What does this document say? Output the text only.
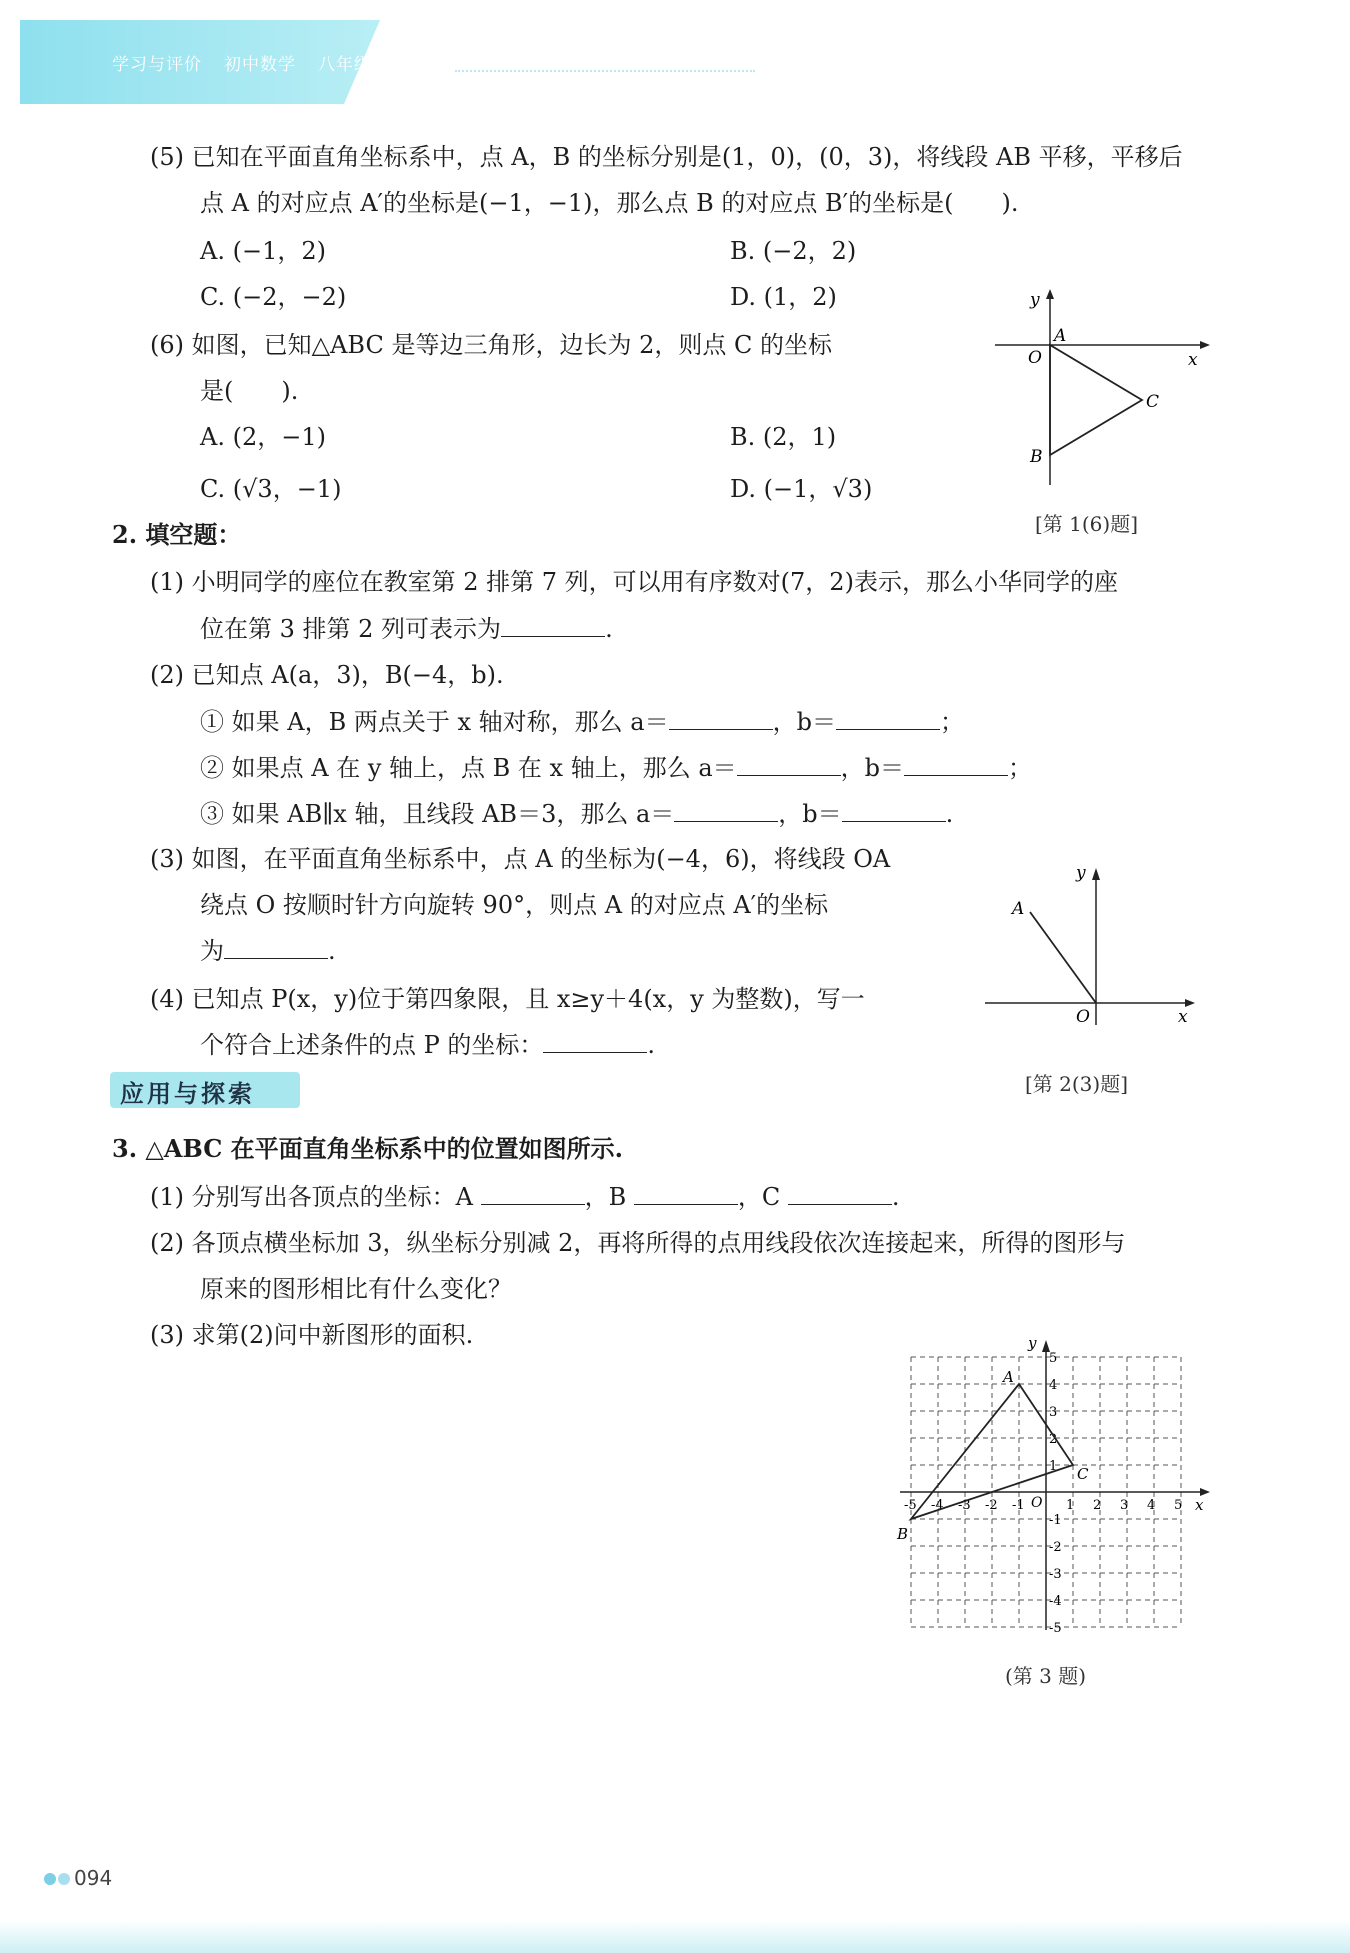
学习与评价 初中数学 八年级上册
(5) 已知在平面直角坐标系中，点 A，B 的坐标分别是(1，0)，(0，3)，将线段 AB 平移，平移后
点 A 的对应点 A′的坐标是(−1，−1)，那么点 B 的对应点 B′的坐标是(　　).
A. (−1，2)	B. (−2，2)
C. (−2，−2)	D. (1，2)
(6) 如图，已知△ABC 是等边三角形，边长为 2，则点 C 的坐标
是(　　).
A. (2，−1)	B. (2，1)
C. (√3，−1)	D. (−1，√3)
y
x
O
A
B
C
[第 1(6)题]
2. 填空题：
(1) 小明同学的座位在教室第 2 排第 7 列，可以用有序数对(7，2)表示，那么小华同学的座
位在第 3 排第 2 列可表示为	.
(2) 已知点 A(a，3)，B(−4，b).
① 如果 A，B 两点关于 x 轴对称，那么 a＝	，b＝	；
② 如果点 A 在 y 轴上，点 B 在 x 轴上，那么 a＝	，b＝	；
③ 如果 AB∥x 轴，且线段 AB＝3，那么 a＝	，b＝	.
(3) 如图，在平面直角坐标系中，点 A 的坐标为(−4，6)，将线段 OA
绕点 O 按顺时针方向旋转 90°，则点 A 的对应点 A′的坐标
为	.
(4) 已知点 P(x，y)位于第四象限，且 x≥y＋4(x，y 为整数)，写一
个符合上述条件的点 P 的坐标：	.
y
x
O
A
[第 2(3)题]
应用与探索
3. △ABC 在平面直角坐标系中的位置如图所示.
(1) 分别写出各顶点的坐标：A	，B	，C	.
(2) 各顶点横坐标加 3，纵坐标分别减 2，再将所得的点用线段依次连接起来，所得的图形与
原来的图形相比有什么变化？
(3) 求第(2)问中新图形的面积.
-5 -4 -3 -2 -1	1 2 3 4 5
5
4
3
2
1
-1
-2
-3
-4
-5
y
x
O
A
B
C
(第 3 题)
094
